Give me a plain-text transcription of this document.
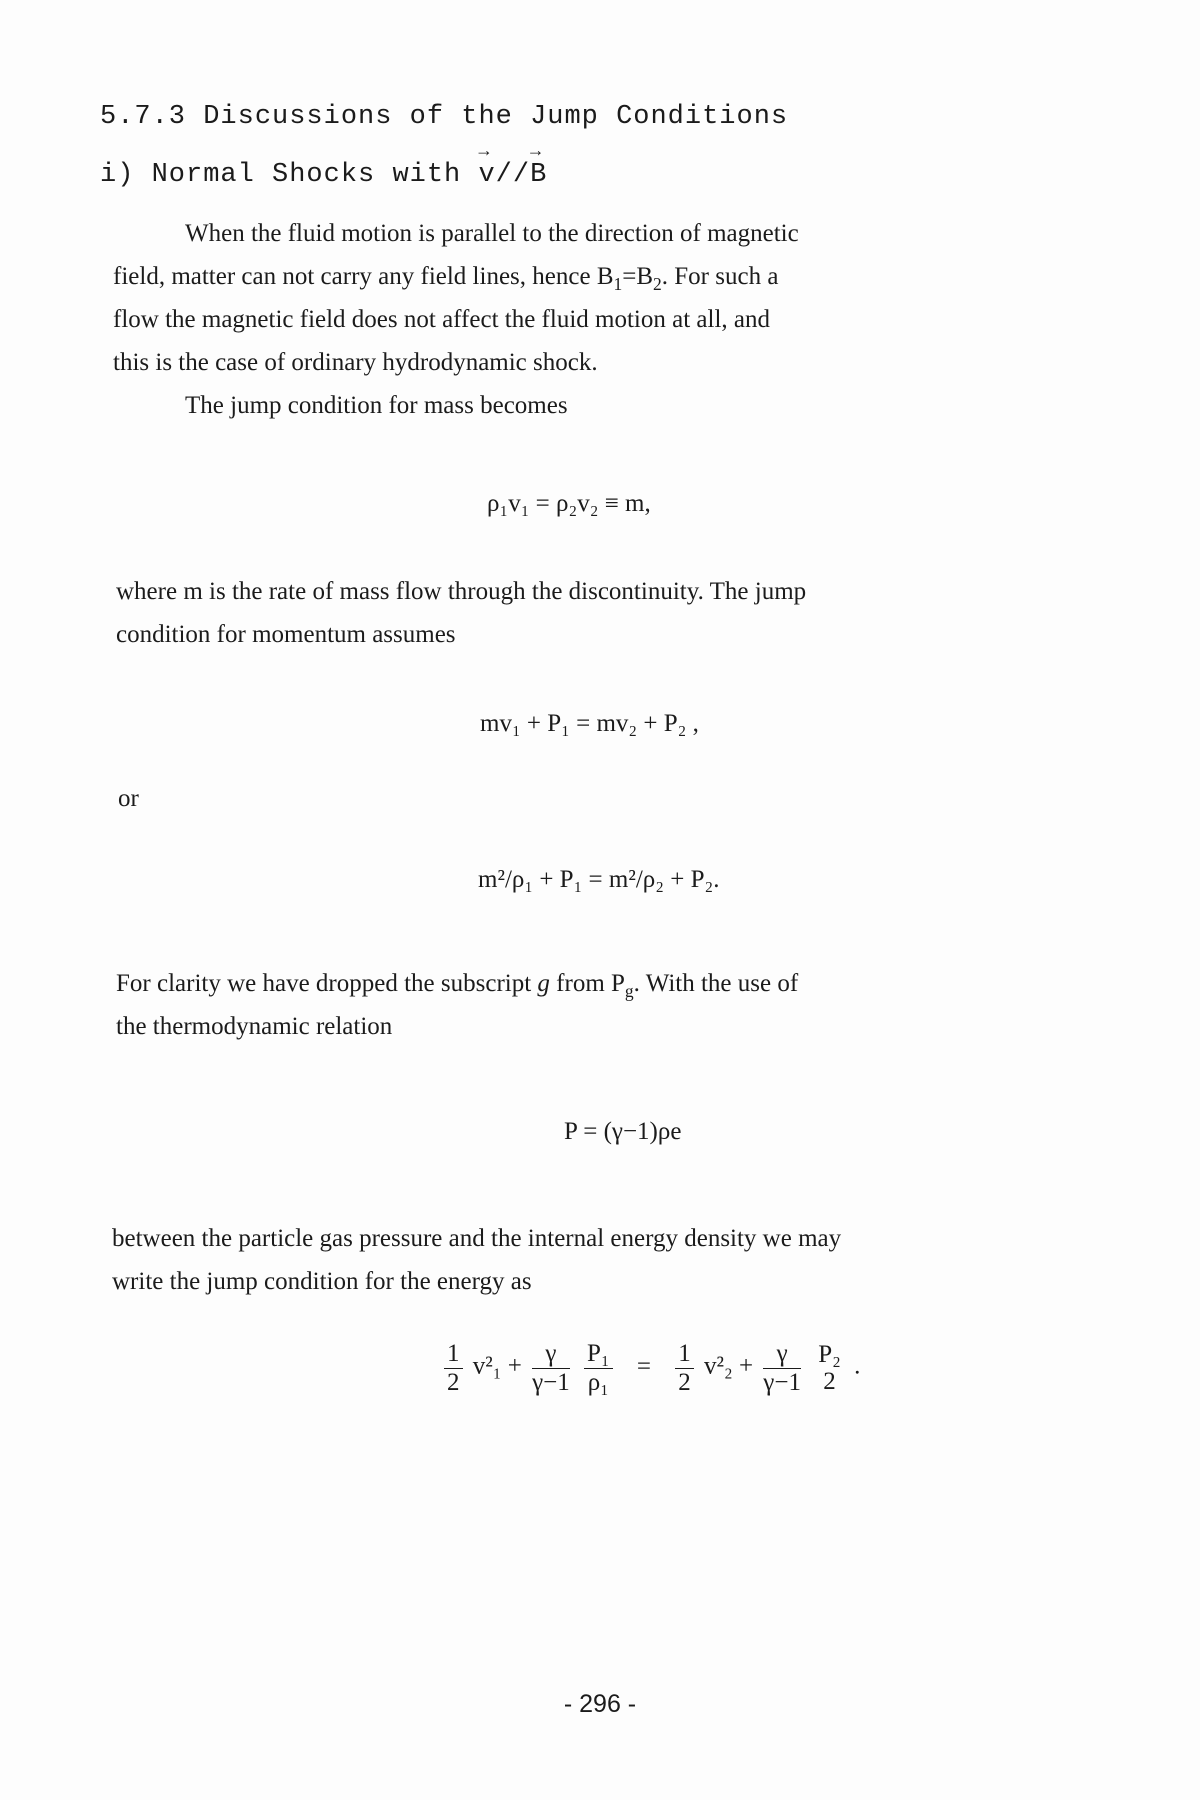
5.7.3 Discussions of the Jump Conditions
i) Normal Shocks with → v//→ B
When the fluid motion is parallel to the direction of magnetic
field, matter can not carry any field lines, hence $B_1=B_2$. For such a
flow the magnetic field does not affect the fluid motion at all, and
this is the case of ordinary hydrodynamic shock.
The jump condition for mass becomes
ρ₁v₁ = ρ₂v₂ ≡ m,
where m is the rate of mass flow through the discontinuity. The jump
condition for momentum assumes
mv₁ + P₁ = mv₂ + P₂ ,
or
m²/ρ₁ + P₁ = m²/ρ₂ + P₂.
For clarity we have dropped the subscript g from $P_g$. With the use of
the thermodynamic relation
P = (γ−1)ρe
between the particle gas pressure and the internal energy density we may
write the jump condition for the energy as
$\frac{1}{2} v^2_1 + \frac{\gamma}{\gamma-1}$
$\frac{\text{P₁}}{\text{ρ₁}} = \frac{1}{2} v^2_2 + \frac{\gamma}{\gamma-1}$
P₂
2
.
- 296 -
